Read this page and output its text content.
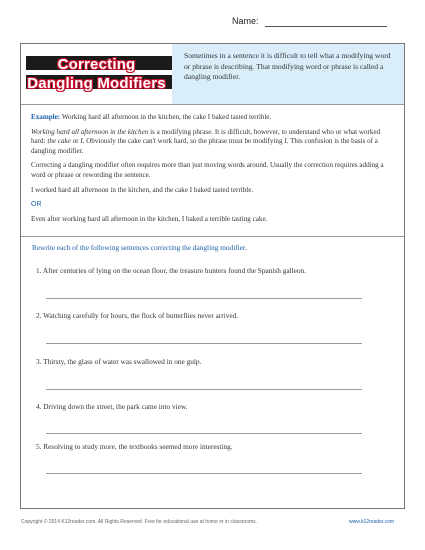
Name:
Correcting
Dangling Modifiers
Sometimes in a sentence it is difficult to tell what a modifying word or phrase is describing. That modifying word or phrase is called a dangling modifier.

Example: Working hard all afternoon in the kitchen, the cake I baked tasted terrible.

Working hard all afternoon in the kitchen is a modifying phrase. It is difficult, however, to understand who or what worked hard: the cake or I. Obviously the cake can't work hard, so the phrase must be modifying I. This confusion is the basis of a dangling modifier.

Correcting a dangling modifier often requires more than just moving words around. Usually the correction requires adding a word or phrase or rewording the sentence.

I worked hard all afternoon in the kitchen, and the cake I baked tasted terrible.

OR

Even after working hard all afternoon in the kitchen, I baked a terrible tasting cake.

Rewrite each of the following sentences correcting the dangling modifier.
1. After centuries of lying on the ocean floor, the treasure hunters found the Spanish galleon.
2. Watching carefully for hours, the flock of butterflies never arrived.
3. Thirsty, the glass of water was swallowed in one gulp.
4. Driving down the street, the park came into view.
5. Resolving to study more, the textbooks seemed more interesting.
Copyright © 2014 K12reader.com. All Rights Reserved. Free for educational use at home or in classrooms.	www.k12reader.com
